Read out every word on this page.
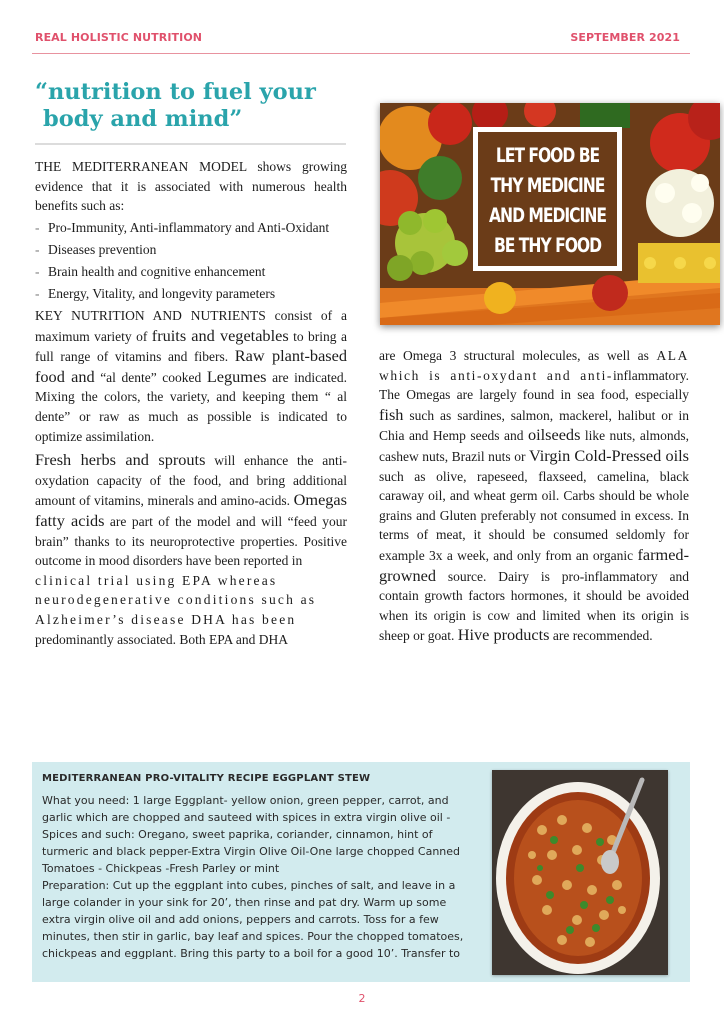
REAL HOLISTIC NUTRITION	SEPTEMBER 2021
“nutrition to fuel your
body and mind”
LET FOOD BE
THY MEDICINE
AND MEDICINE
BE THY FOOD

THE MEDITERRANEAN MODEL shows growing evidence that it is associated with numerous health benefits such as:

- Pro-Immunity, Anti-inflammatory and Anti-Oxidant
- Diseases prevention
- Brain health and cognitive enhancement
- Energy, Vitality, and longevity parameters

KEY NUTRITION AND NUTRIENTS consist of a maximum variety of fruits and vegetables to bring a full range of vitamins and fibers. Raw plant-based food and “al dente” cooked Legumes are indicated. Mixing the colors, the variety, and keeping them “ al dente” or raw as much as possible is indicated to optimize assimilation.

Fresh herbs and sprouts will enhance the anti-oxydation capacity of the food, and bring additional amount of vitamins, minerals and amino-acids. Omegas fatty acids are part of the model and will “feed your brain” thanks to its neuroprotective properties. Positive outcome in mood disorders have been reported in

clinical trial using EPA whereas neurodegenerative conditions such as Alzheimer’s disease DHA has been

predominantly associated. Both EPA and DHA

are Omega 3 structural molecules, as well as ALA which is anti-oxydant and anti-inflammatory. The Omegas are largely found in sea food, especially fish such as sardines, salmon, mackerel, halibut or in Chia and Hemp seeds and oilseeds like nuts, almonds, cashew nuts, Brazil nuts or Virgin Cold-Pressed oils such as olive, rapeseed, flaxseed, camelina, black caraway oil, and wheat germ oil. Carbs should be whole grains and Gluten preferably not consumed in excess. In terms of meat, it should be consumed seldomly for example 3x a week, and only from an organic farmed-growned source. Dairy is pro-inflammatory and contain growth factors hormones, it should be avoided when its origin is cow and limited when its origin is sheep or goat. Hive products are recommended.

MEDITERRANEAN PRO-VITALITY RECIPE EGGPLANT STEW

What you need: 1 large Eggplant- yellow onion, green pepper, carrot, and garlic which are chopped and sauteed with spices in extra virgin olive oil -Spices and such: Oregano, sweet paprika, coriander, cinnamon, hint of turmeric and black pepper-Extra Virgin Olive Oil-One large chopped Canned Tomatoes - Chickpeas -Fresh Parley or mint

Preparation: Cut up the eggplant into cubes, pinches of salt, and leave in a large colander in your sink for 20’, then rinse and pat dry. Warm up some extra virgin olive oil and add onions, peppers and carrots. Toss for a few minutes, then stir in garlic, bay leaf and spices. Pour the chopped tomatoes, chickpeas and eggplant. Bring this party to a boil for a good 10’. Transfer to

2
